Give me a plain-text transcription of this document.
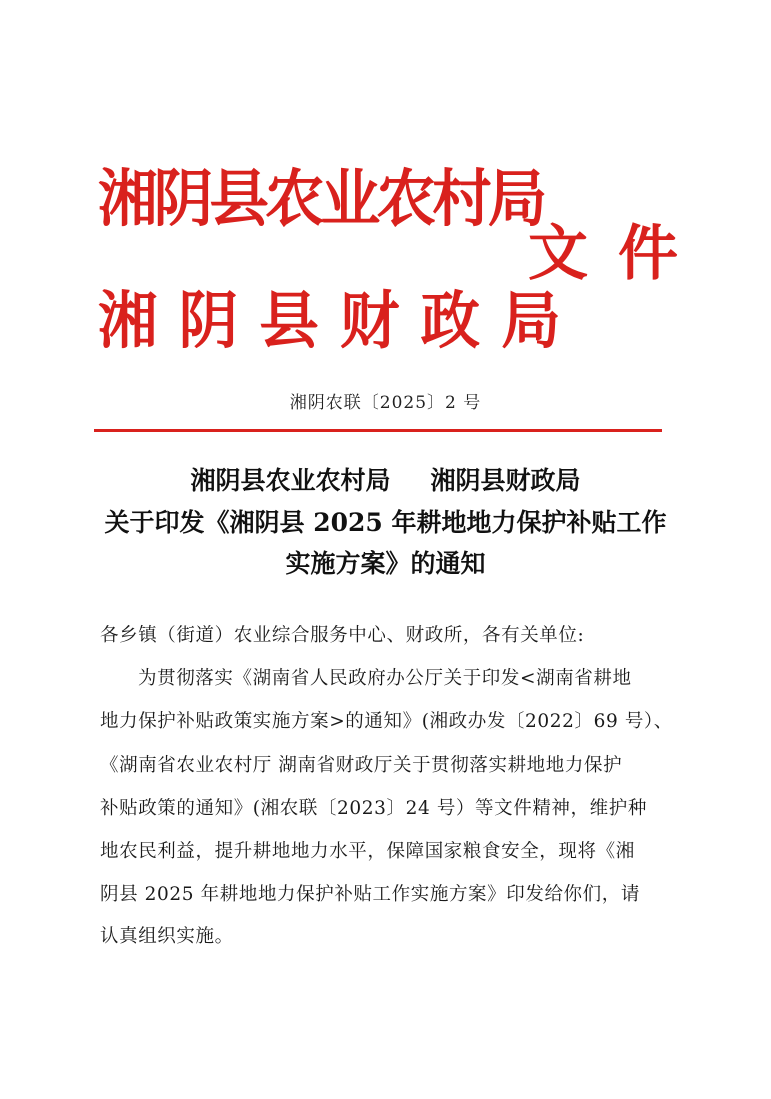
湘阴县农业农村局
湘阴县财政局
文件
湘阴农联〔2025〕2 号
湘阴县农业农村局 湘阴县财政局
关于印发《湘阴县 2025 年耕地地力保护补贴工作
实施方案》的通知
各乡镇（街道）农业综合服务中心、财政所，各有关单位:
为贯彻落实《湖南省人民政府办公厅关于印发<湖南省耕地
地力保护补贴政策实施方案>的通知》(湘政办发〔2022〕69 号）、
《湖南省农业农村厅 湖南省财政厅关于贯彻落实耕地地力保护
补贴政策的通知》(湘农联〔2023〕24 号）等文件精神，维护种
地农民利益，提升耕地地力水平，保障国家粮食安全，现将《湘
阴县 2025 年耕地地力保护补贴工作实施方案》印发给你们，请
认真组织实施。
